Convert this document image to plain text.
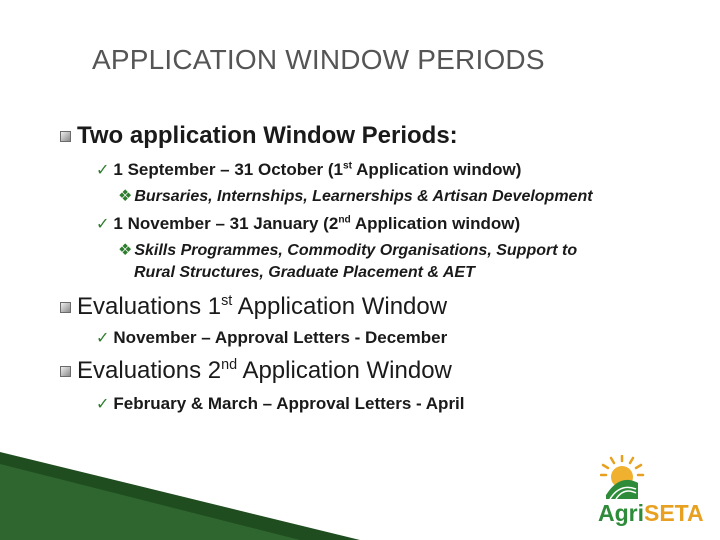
APPLICATION WINDOW PERIODS
Two application Window Periods:
✓ 1 September – 31 October (1st Application window)
❖ Bursaries, Internships, Learnerships & Artisan Development
✓ 1 November – 31 January (2nd Application window)
❖ Skills Programmes, Commodity Organisations, Support to
Rural Structures, Graduate Placement & AET
Evaluations 1st Application Window
✓ November – Approval Letters - December
Evaluations 2nd Application Window
✓ February & March – Approval Letters - April
AgriSETA
